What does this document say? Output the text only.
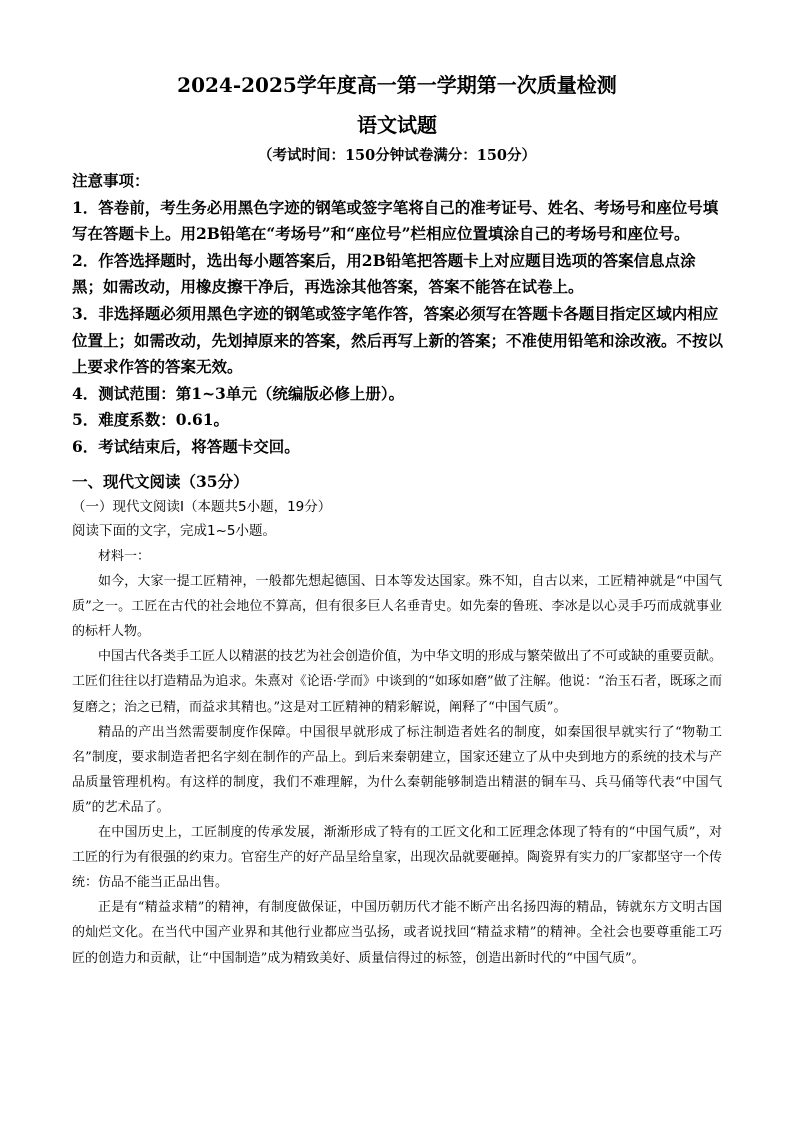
2024-2025学年度高一第一学期第一次质量检测
语文试题
（考试时间：150分钟试卷满分：150分）

注意事项：

1．答卷前，考生务必用黑色字迹的钢笔或签字笔将自己的准考证号、姓名、考场号和座位号填写在答题卡上。用2B铅笔在“考场号”和“座位号”栏相应位置填涂自己的考场号和座位号。

2．作答选择题时，选出每小题答案后，用2B铅笔把答题卡上对应题目选项的答案信息点涂黑；如需改动，用橡皮擦干净后，再选涂其他答案，答案不能答在试卷上。

3．非选择题必须用黑色字迹的钢笔或签字笔作答，答案必须写在答题卡各题目指定区域内相应位置上；如需改动，先划掉原来的答案，然后再写上新的答案；不准使用铅笔和涂改液。不按以上要求作答的答案无效。

4．测试范围：第1~3单元（统编版必修上册）。

5．难度系数：0.61。

6．考试结束后，将答题卡交回。

一、现代文阅读（35分）
（一）现代文阅读I（本题共5小题，19分）
阅读下面的文字，完成1~5小题。

材料一：

如今，大家一提工匠精神，一般都先想起德国、日本等发达国家。殊不知，自古以来，工匠精神就是“中国气质”之一。工匠在古代的社会地位不算高，但有很多巨人名垂青史。如先秦的鲁班、李冰是以心灵手巧而成就事业的标杆人物。

中国古代各类手工匠人以精湛的技艺为社会创造价值，为中华文明的形成与繁荣做出了不可或缺的重要贡献。工匠们往往以打造精品为追求。朱熹对《论语·学而》中谈到的“如琢如磨”做了注解。他说：“治玉石者，既琢之而复磨之；治之已精，而益求其精也。”这是对工匠精神的精彩解说，阐释了“中国气质”。

精品的产出当然需要制度作保障。中国很早就形成了标注制造者姓名的制度，如秦国很早就实行了“物勒工名”制度，要求制造者把名字刻在制作的产品上。到后来秦朝建立，国家还建立了从中央到地方的系统的技术与产品质量管理机构。有这样的制度，我们不难理解，为什么秦朝能够制造出精湛的铜车马、兵马俑等代表“中国气质”的艺术品了。

在中国历史上，工匠制度的传承发展，渐渐形成了特有的工匠文化和工匠理念体现了特有的“中国气质”，对工匠的行为有很强的约束力。官窑生产的好产品呈给皇家，出现次品就要砸掉。陶瓷界有实力的厂家都坚守一个传统：仿品不能当正品出售。

正是有“精益求精”的精神，有制度做保证，中国历朝历代才能不断产出名扬四海的精品，铸就东方文明古国的灿烂文化。在当代中国产业界和其他行业都应当弘扬，或者说找回“精益求精”的精神。全社会也要尊重能工巧匠的创造力和贡献，让“中国制造”成为精致美好、质量信得过的标签，创造出新时代的“中国气质”。
